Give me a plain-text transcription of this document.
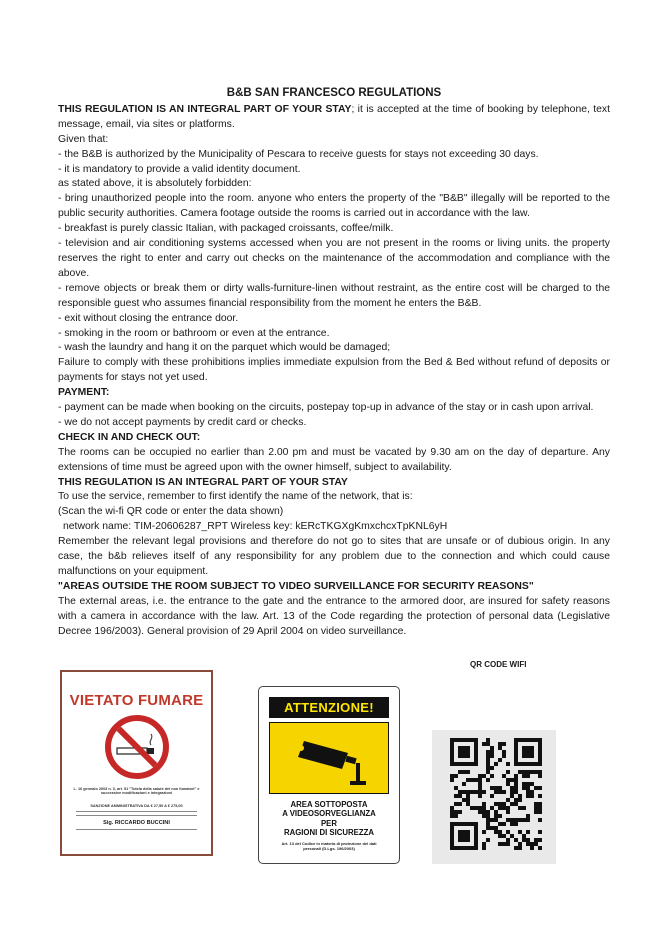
B&B SAN FRANCESCO REGULATIONS

THIS REGULATION IS AN INTEGRAL PART OF YOUR STAY; it is accepted at the time of booking by telephone, text message, email, via sites or platforms.

Given that:

- the B&B is authorized by the Municipality of Pescara to receive guests for stays not exceeding 30 days.

- it is mandatory to provide a valid identity document.

as stated above, it is absolutely forbidden:

- bring unauthorized people into the room. anyone who enters the property of the "B&B" illegally will be reported to the public security authorities. Camera footage outside the rooms is carried out in accordance with the law.

- breakfast is purely classic Italian, with packaged croissants, coffee/milk.

- television and air conditioning systems accessed when you are not present in the rooms or living units. the property reserves the right to enter and carry out checks on the maintenance of the accommodation and compliance with the above.

- remove objects or break them or dirty walls-furniture-linen without restraint, as the entire cost will be charged to the responsible guest who assumes financial responsibility from the moment he enters the B&B.

- exit without closing the entrance door.

- smoking in the room or bathroom or even at the entrance.

- wash the laundry and hang it on the parquet which would be damaged;

Failure to comply with these prohibitions implies immediate expulsion from the Bed & Bed without refund of deposits or payments for stays not yet used.

PAYMENT:

- payment can be made when booking on the circuits, postepay top-up in advance of the stay or in cash upon arrival.

- we do not accept payments by credit card or checks.

CHECK IN AND CHECK OUT:

The rooms can be occupied no earlier than 2.00 pm and must be vacated by 9.30 am on the day of departure. Any extensions of time must be agreed upon with the owner himself, subject to availability.

THIS REGULATION IS AN INTEGRAL PART OF YOUR STAY

To use the service, remember to first identify the name of the network, that is:

(Scan the wi-fi QR code or enter the data shown)

network name: TIM-20606287_RPT Wireless key: kERcTKGXgKmxchcxTpKNL6yH

Remember the relevant legal provisions and therefore do not go to sites that are unsafe or of dubious origin. In any case, the b&b relieves itself of any responsibility for any problem due to the connection and which could cause malfunctions on your equipment.

"AREAS OUTSIDE THE ROOM SUBJECT TO VIDEO SURVEILLANCE FOR SECURITY REASONS"

The external areas, i.e. the entrance to the gate and the entrance to the armored door, are insured for safety reasons with a camera in accordance with the law. Art. 13 of the Code regarding the protection of personal data (Legislative Decree 196/2003). General provision of 29 April 2004 on video surveillance.

QR CODE WIFI
VIETATO FUMARE
L. 16 gennaio 2003 n. 3, art. 51 "Tutela della salute dei non fumatori" e successive modificazioni e integrazioni
SANZIONE AMMINISTRATIVA DA € 27,50 A € 275,00
Sig. RICCARDO BUCCINI
ATTENZIONE!
AREA SOTTOPOSTA
A VIDEOSORVEGLIANZA
PER
RAGIONI DI SICUREZZA
Art. 13 del Codice in materia di protezione dei dati personali (D.Lgs. 196/2003)
